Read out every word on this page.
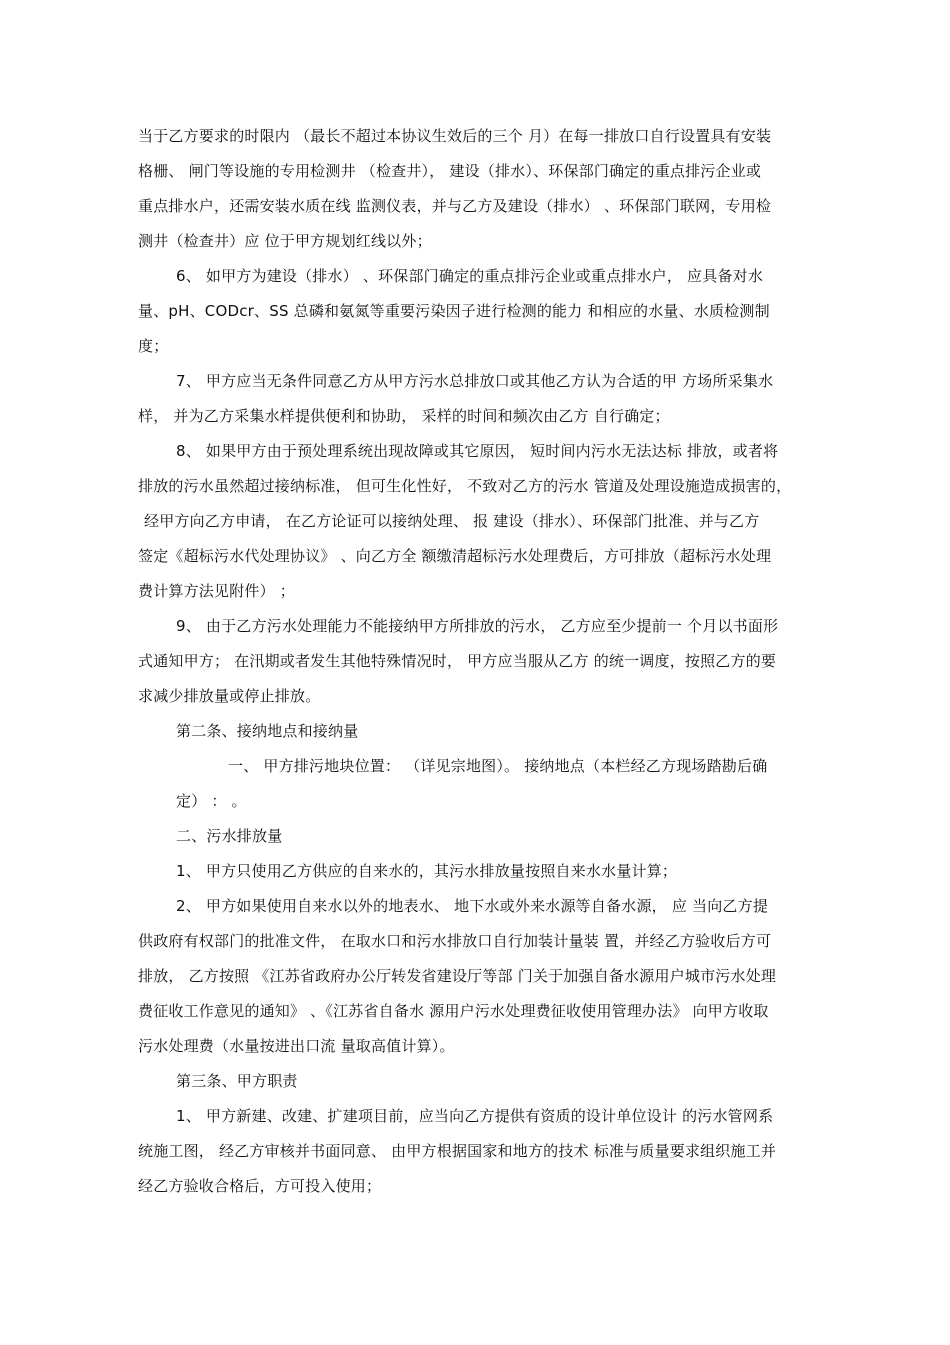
当于乙方要求的时限内 （最长不超过本协议生效后的三个 月）在每一排放口自行设置具有安装
格栅、 闸门等设施的专用检测井 （检查井）， 建设（排水）、环保部门确定的重点排污企业或
重点排水户，还需安装水质在线 监测仪表，并与乙方及建设（排水） 、环保部门联网，专用检
测井（检查井）应 位于甲方规划红线以外；
6、 如甲方为建设（排水） 、环保部门确定的重点排污企业或重点排水户， 应具备对水
量、pH、CODcr、SS 总磷和氨氮等重要污染因子进行检测的能力 和相应的水量、水质检测制
度；
7、 甲方应当无条件同意乙方从甲方污水总排放口或其他乙方认为合适的甲 方场所采集水
样， 并为乙方采集水样提供便利和协助， 采样的时间和频次由乙方 自行确定；
8、 如果甲方由于预处理系统出现故障或其它原因， 短时间内污水无法达标 排放，或者将
排放的污水虽然超过接纳标准， 但可生化性好， 不致对乙方的污水 管道及处理设施造成损害的，
经甲方向乙方申请， 在乙方论证可以接纳处理、 报 建设（排水）、环保部门批准、并与乙方
签定《超标污水代处理协议》 、向乙方全 额缴清超标污水处理费后，方可排放（超标污水处理
费计算方法见附件） ；
9、 由于乙方污水处理能力不能接纳甲方所排放的污水， 乙方应至少提前一 个月以书面形
式通知甲方； 在汛期或者发生其他特殊情况时， 甲方应当服从乙方 的统一调度，按照乙方的要
求减少排放量或停止排放。
第二条、接纳地点和接纳量
一、 甲方排污地块位置： （详见宗地图）。 接纳地点（本栏经乙方现场踏勘后确
定） ： 。
二、污水排放量
1、 甲方只使用乙方供应的自来水的，其污水排放量按照自来水水量计算；
2、 甲方如果使用自来水以外的地表水、 地下水或外来水源等自备水源， 应 当向乙方提
供政府有权部门的批准文件， 在取水口和污水排放口自行加装计量装 置，并经乙方验收后方可
排放， 乙方按照 《江苏省政府办公厅转发省建设厅等部 门关于加强自备水源用户城市污水处理
费征收工作意见的通知》 、《江苏省自备水 源用户污水处理费征收使用管理办法》 向甲方收取
污水处理费（水量按进出口流 量取高值计算）。
第三条、甲方职责
1、 甲方新建、改建、扩建项目前，应当向乙方提供有资质的设计单位设计 的污水管网系
统施工图， 经乙方审核并书面同意、 由甲方根据国家和地方的技术 标准与质量要求组织施工并
经乙方验收合格后，方可投入使用；
